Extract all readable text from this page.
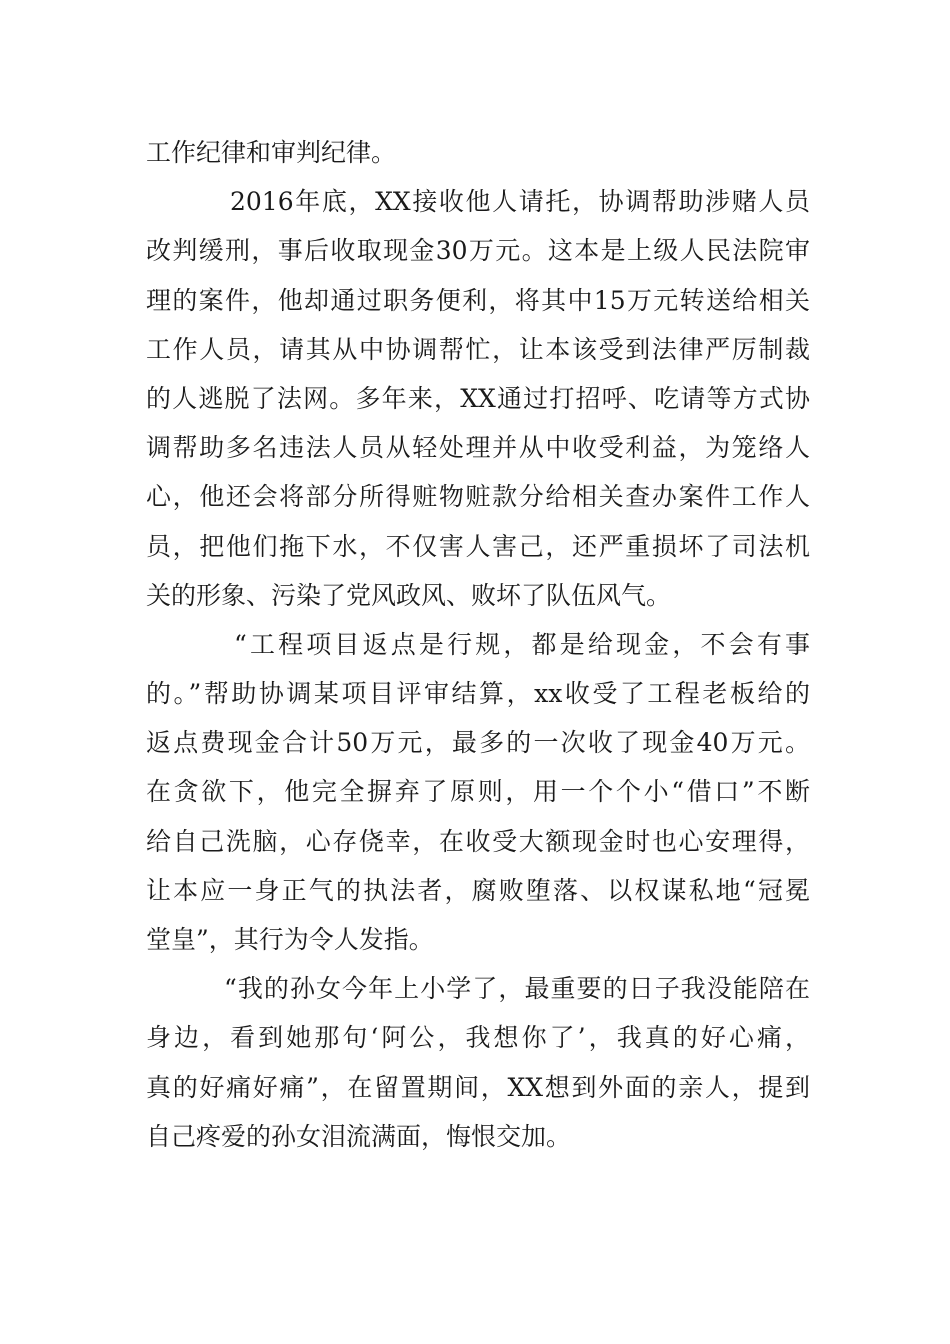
工作纪律和审判纪律。
2016年底，XX接收他人请托，协调帮助涉赌人员
改判缓刑，事后收取现金30万元。这本是上级人民法院审
理的案件，他却通过职务便利，将其中15万元转送给相关
工作人员，请其从中协调帮忙，让本该受到法律严厉制裁
的人逃脱了法网。多年来，XX通过打招呼、吃请等方式协
调帮助多名违法人员从轻处理并从中收受利益，为笼络人
心，他还会将部分所得赃物赃款分给相关查办案件工作人
员，把他们拖下水，不仅害人害己，还严重损坏了司法机
关的形象、污染了党风政风、败坏了队伍风气。
“工程项目返点是行规，都是给现金，不会有事
的。”帮助协调某项目评审结算，xx收受了工程老板给的
返点费现金合计50万元，最多的一次收了现金40万元。
在贪欲下，他完全摒弃了原则，用一个个小“借口”不断
给自己洗脑，心存侥幸，在收受大额现金时也心安理得，
让本应一身正气的执法者，腐败堕落、以权谋私地“冠冕
堂皇”，其行为令人发指。
“我的孙女今年上小学了，最重要的日子我没能陪在
身边，看到她那句‘阿公，我想你了’，我真的好心痛，
真的好痛好痛”，在留置期间，XX想到外面的亲人，提到
自己疼爱的孙女泪流满面，悔恨交加。
